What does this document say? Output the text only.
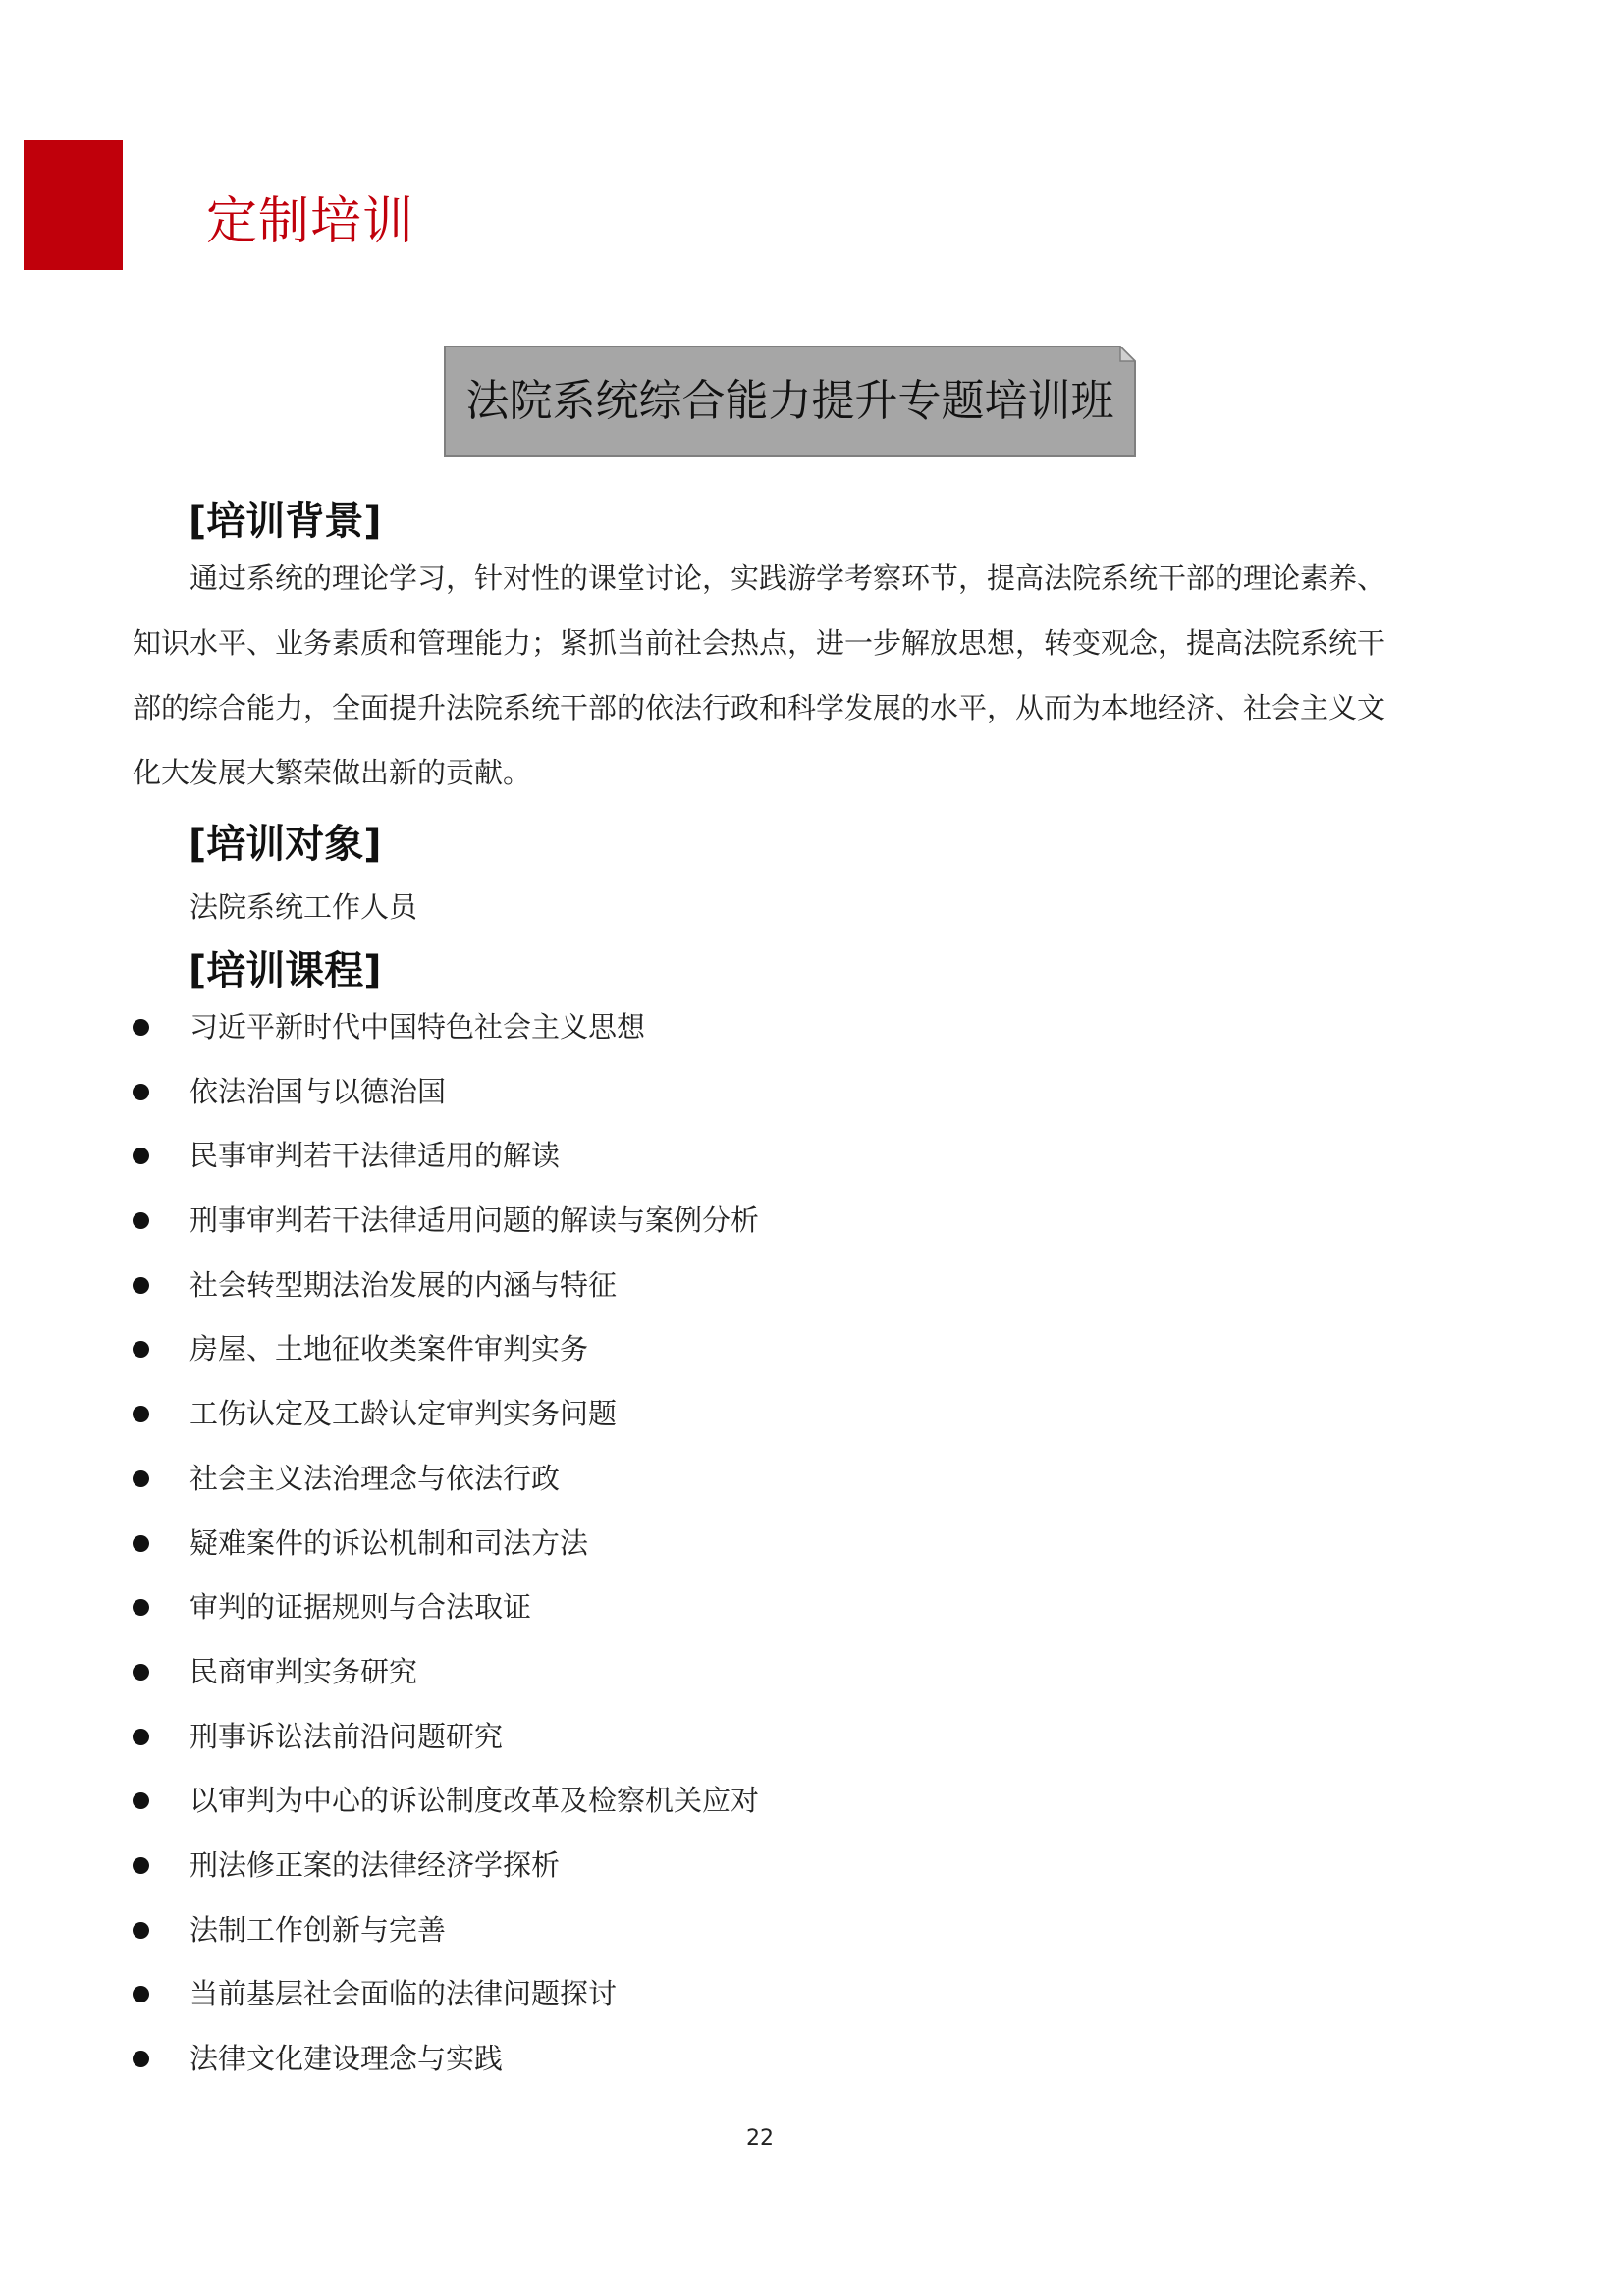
定制培训
法院系统综合能力提升专题培训班
[培训背景]
通过系统的理论学习，针对性的课堂讨论，实践游学考察环节，提高法院系统干部的理论素养、
知识水平、业务素质和管理能力；紧抓当前社会热点，进一步解放思想，转变观念，提高法院系统干
部的综合能力，全面提升法院系统干部的依法行政和科学发展的水平，从而为本地经济、社会主义文
化大发展大繁荣做出新的贡献。
[培训对象]
法院系统工作人员
[培训课程]
习近平新时代中国特色社会主义思想
依法治国与以德治国
民事审判若干法律适用的解读
刑事审判若干法律适用问题的解读与案例分析
社会转型期法治发展的内涵与特征
房屋、土地征收类案件审判实务
工伤认定及工龄认定审判实务问题
社会主义法治理念与依法行政
疑难案件的诉讼机制和司法方法
审判的证据规则与合法取证
民商审判实务研究
刑事诉讼法前沿问题研究
以审判为中心的诉讼制度改革及检察机关应对
刑法修正案的法律经济学探析
法制工作创新与完善
当前基层社会面临的法律问题探讨
法律文化建设理念与实践
22
